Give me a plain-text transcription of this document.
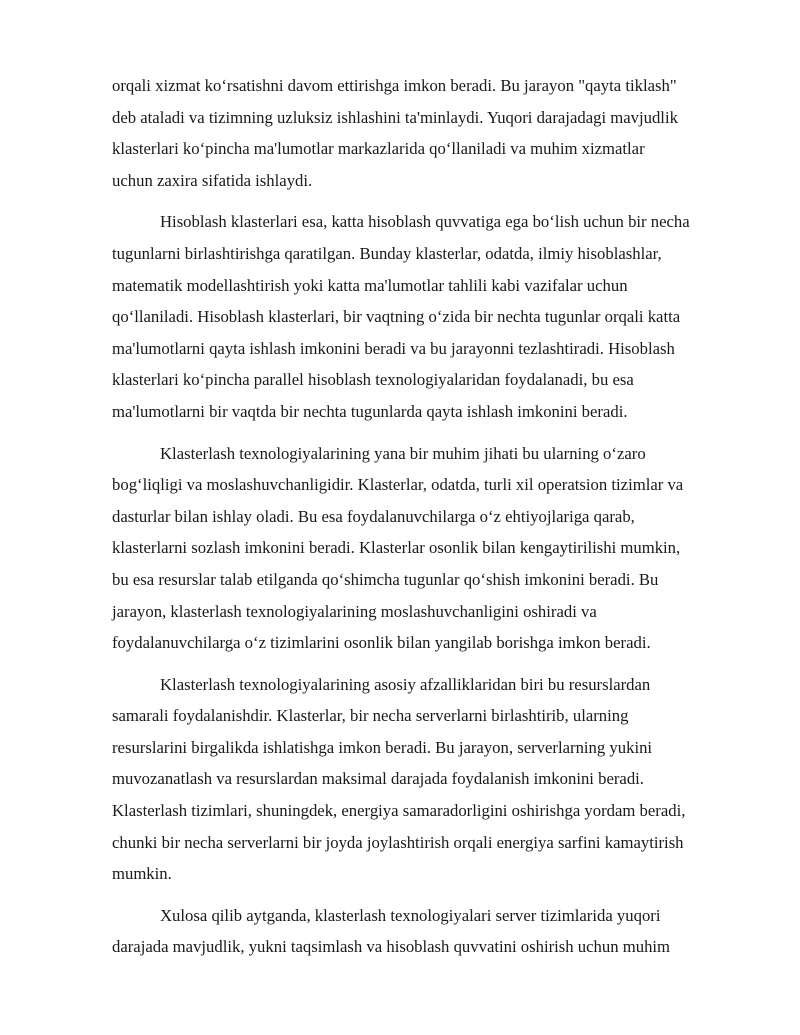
orqali xizmat ko‘rsatishni davom ettirishga imkon beradi. Bu jarayon "qayta tiklash"
deb ataladi va tizimning uzluksiz ishlashini ta'minlaydi. Yuqori darajadagi mavjudlik
klasterlari ko‘pincha ma'lumotlar markazlarida qo‘llaniladi va muhim xizmatlar
uchun zaxira sifatida ishlaydi.

Hisoblash klasterlari esa, katta hisoblash quvvatiga ega bo‘lish uchun bir necha
tugunlarni birlashtirishga qaratilgan. Bunday klasterlar, odatda, ilmiy hisoblashlar,
matematik modellashtirish yoki katta ma'lumotlar tahlili kabi vazifalar uchun
qo‘llaniladi. Hisoblash klasterlari, bir vaqtning o‘zida bir nechta tugunlar orqali katta
ma'lumotlarni qayta ishlash imkonini beradi va bu jarayonni tezlashtiradi. Hisoblash
klasterlari ko‘pincha parallel hisoblash texnologiyalaridan foydalanadi, bu esa
ma'lumotlarni bir vaqtda bir nechta tugunlarda qayta ishlash imkonini beradi.

Klasterlash texnologiyalarining yana bir muhim jihati bu ularning o‘zaro
bog‘liqligi va moslashuvchanligidir. Klasterlar, odatda, turli xil operatsion tizimlar va
dasturlar bilan ishlay oladi. Bu esa foydalanuvchilarga o‘z ehtiyojlariga qarab,
klasterlarni sozlash imkonini beradi. Klasterlar osonlik bilan kengaytirilishi mumkin,
bu esa resurslar talab etilganda qo‘shimcha tugunlar qo‘shish imkonini beradi. Bu
jarayon, klasterlash texnologiyalarining moslashuvchanligini oshiradi va
foydalanuvchilarga o‘z tizimlarini osonlik bilan yangilab borishga imkon beradi.

Klasterlash texnologiyalarining asosiy afzalliklaridan biri bu resurslardan
samarali foydalanishdir. Klasterlar, bir necha serverlarni birlashtirib, ularning
resurslarini birgalikda ishlatishga imkon beradi. Bu jarayon, serverlarning yukini
muvozanatlash va resurslardan maksimal darajada foydalanish imkonini beradi.
Klasterlash tizimlari, shuningdek, energiya samaradorligini oshirishga yordam beradi,
chunki bir necha serverlarni bir joyda joylashtirish orqali energiya sarfini kamaytirish
mumkin.

Xulosa qilib aytganda, klasterlash texnologiyalari server tizimlarida yuqori
darajada mavjudlik, yukni taqsimlash va hisoblash quvvatini oshirish uchun muhim
